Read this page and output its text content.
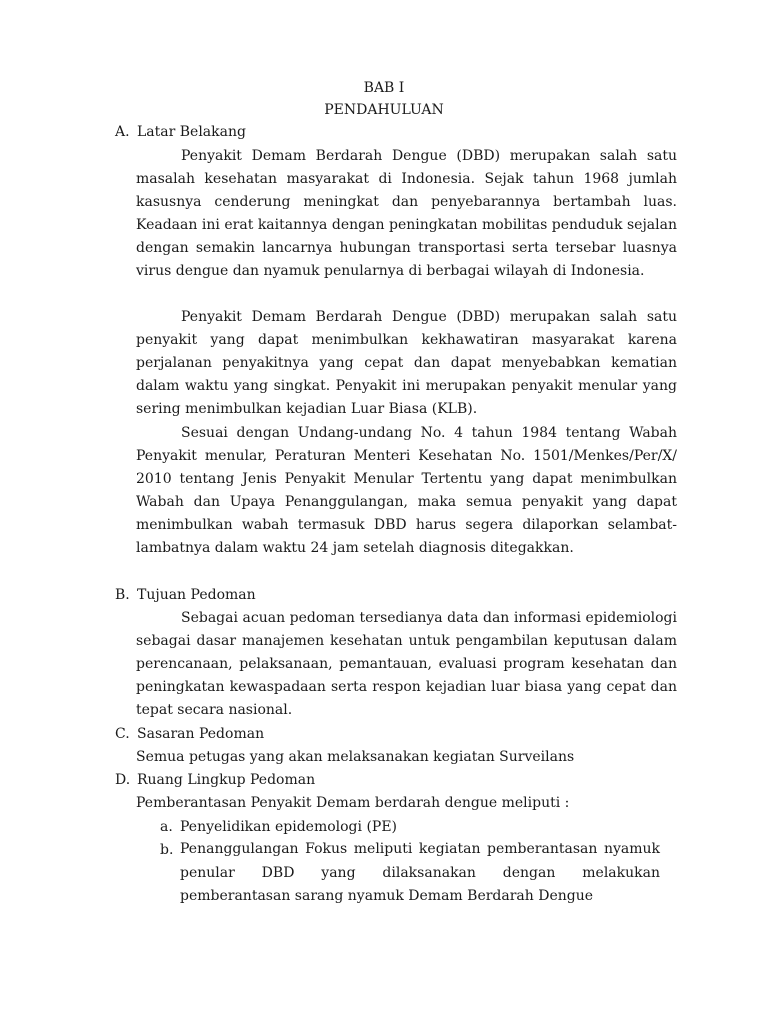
BAB I
PENDAHULUAN
A. Latar Belakang

Penyakit Demam Berdarah Dengue (DBD) merupakan salah satu masalah kesehatan masyarakat di Indonesia. Sejak tahun 1968 jumlah kasusnya cenderung meningkat dan penyebarannya bertambah luas. Keadaan ini erat kaitannya dengan peningkatan mobilitas penduduk sejalan dengan semakin lancarnya hubungan transportasi serta tersebar luasnya virus dengue dan nyamuk penularnya di berbagai wilayah di Indonesia.

Penyakit Demam Berdarah Dengue (DBD) merupakan salah satu penyakit yang dapat menimbulkan kekhawatiran masyarakat karena perjalanan penyakitnya yang cepat dan dapat menyebabkan kematian dalam waktu yang singkat. Penyakit ini merupakan penyakit menular yang sering menimbulkan kejadian Luar Biasa (KLB).

Sesuai dengan Undang-undang No. 4 tahun 1984 tentang Wabah Penyakit menular, Peraturan Menteri Kesehatan No. 1501/Menkes/Per/X/ 2010 tentang Jenis Penyakit Menular Tertentu yang dapat menimbulkan Wabah dan Upaya Penanggulangan, maka semua penyakit yang dapat menimbulkan wabah termasuk DBD harus segera dilaporkan selambat-lambatnya dalam waktu 24 jam setelah diagnosis ditegakkan.

B. Tujuan Pedoman

Sebagai acuan pedoman tersedianya data dan informasi epidemiologi sebagai dasar manajemen kesehatan untuk pengambilan keputusan dalam perencanaan, pelaksanaan, pemantauan, evaluasi program kesehatan dan peningkatan kewaspadaan serta respon kejadian luar biasa yang cepat dan tepat secara nasional.

C. Sasaran Pedoman
Semua petugas yang akan melaksanakan kegiatan Surveilans
D. Ruang Lingkup Pedoman
Pemberantasan Penyakit Demam berdarah dengue meliputi :
a. Penyelidikan epidemologi (PE)
b. Penanggulangan Fokus meliputi kegiatan pemberantasan nyamuk penular DBD yang dilaksanakan dengan melakukan pemberantasan sarang nyamuk Demam Berdarah Dengue
